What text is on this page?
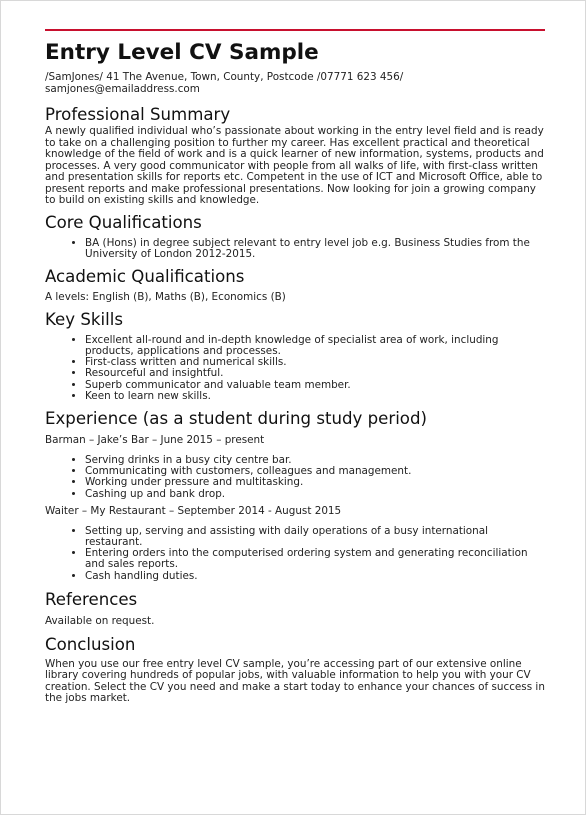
Entry Level CV Sample
/SamJones/ 41 The Avenue, Town, County, Postcode /07771 623 456/
samjones@emailaddress.com
Professional Summary

A newly qualified individual who’s passionate about working in the entry level field and is ready to take on a challenging position to further my career. Has excellent practical and theoretical knowledge of the field of work and is a quick learner of new information, systems, products and processes. A very good communicator with people from all walks of life, with first-class written and presentation skills for reports etc. Competent in the use of ICT and Microsoft Office, able to present reports and make professional presentations. Now looking for join a growing company to build on existing skills and knowledge.

Core Qualifications
• BA (Hons) in degree subject relevant to entry level job e.g. Business Studies from the University of London 2012-2015.
Academic Qualifications

A levels: English (B), Maths (B), Economics (B)

Key Skills
• Excellent all-round and in-depth knowledge of specialist area of work, including products, applications and processes.
• First-class written and numerical skills.
• Resourceful and insightful.
• Superb communicator and valuable team member.
• Keen to learn new skills.
Experience (as a student during study period)

Barman – Jake’s Bar – June 2015 – present

• Serving drinks in a busy city centre bar.
• Communicating with customers, colleagues and management.
• Working under pressure and multitasking.
• Cashing up and bank drop.

Waiter – My Restaurant – September 2014 - August 2015

• Setting up, serving and assisting with daily operations of a busy international restaurant.
• Entering orders into the computerised ordering system and generating reconciliation and sales reports.
• Cash handling duties.
References

Available on request.

Conclusion

When you use our free entry level CV sample, you’re accessing part of our extensive online library covering hundreds of popular jobs, with valuable information to help you with your CV creation. Select the CV you need and make a start today to enhance your chances of success in the jobs market.
